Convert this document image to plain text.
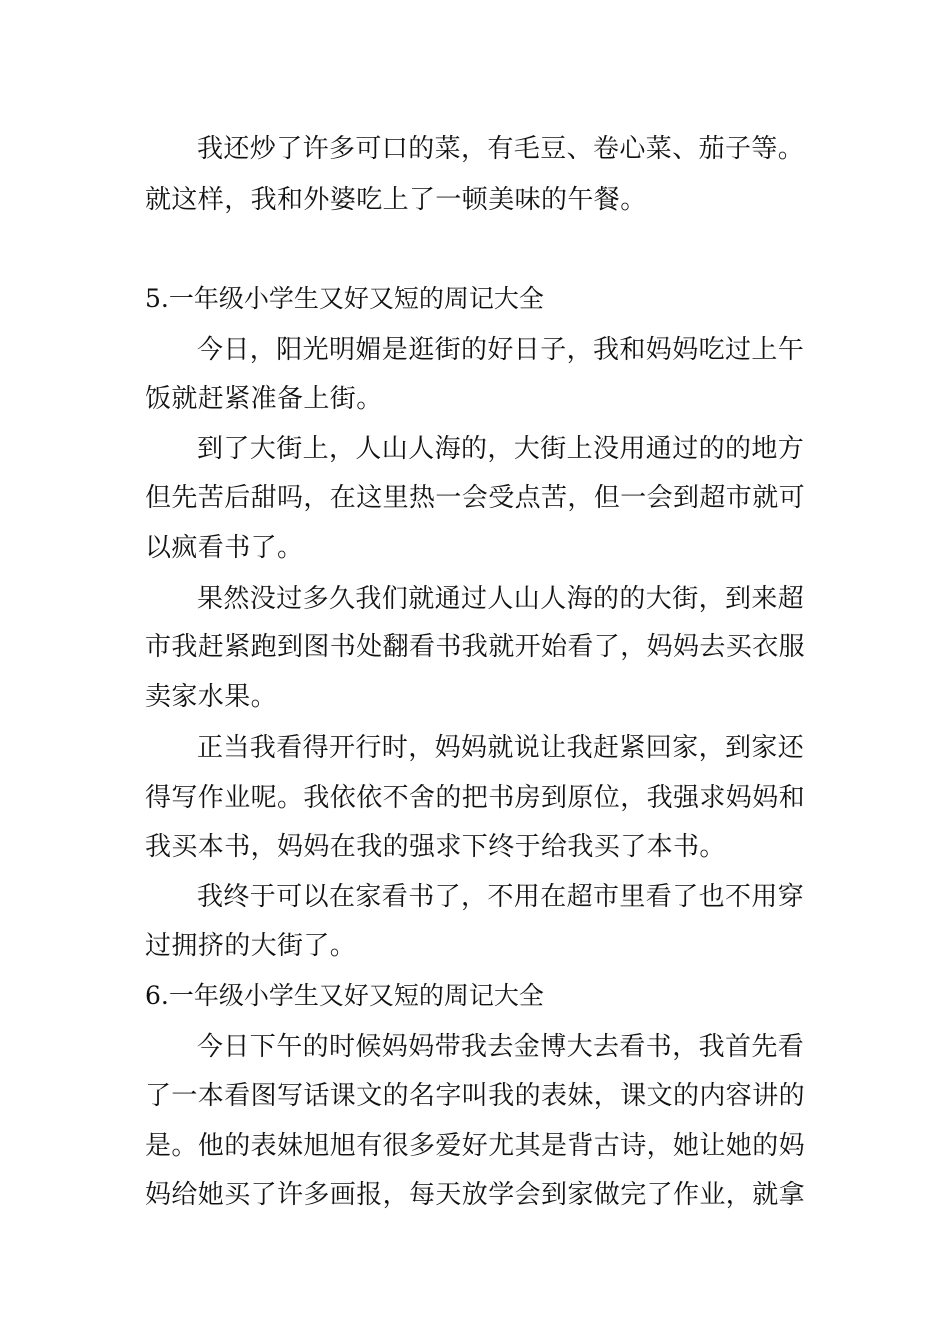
我还炒了许多可口的菜，有毛豆、卷心菜、茄子等。
就这样，我和外婆吃上了一顿美味的午餐。
5.一年级小学生又好又短的周记大全
今日，阳光明媚是逛街的好日子，我和妈妈吃过上午
饭就赶紧准备上街。
到了大街上，人山人海的，大街上没用通过的的地方
但先苦后甜吗，在这里热一会受点苦，但一会到超市就可
以疯看书了。
果然没过多久我们就通过人山人海的的大街，到来超
市我赶紧跑到图书处翻看书我就开始看了，妈妈去买衣服
卖家水果。
正当我看得开行时，妈妈就说让我赶紧回家，到家还
得写作业呢。我依依不舍的把书房到原位，我强求妈妈和
我买本书，妈妈在我的强求下终于给我买了本书。
我终于可以在家看书了，不用在超市里看了也不用穿
过拥挤的大街了。
6.一年级小学生又好又短的周记大全
今日下午的时候妈妈带我去金博大去看书，我首先看
了一本看图写话课文的名字叫我的表妹，课文的内容讲的
是。他的表妹旭旭有很多爱好尤其是背古诗，她让她的妈
妈给她买了许多画报，每天放学会到家做完了作业，就拿
